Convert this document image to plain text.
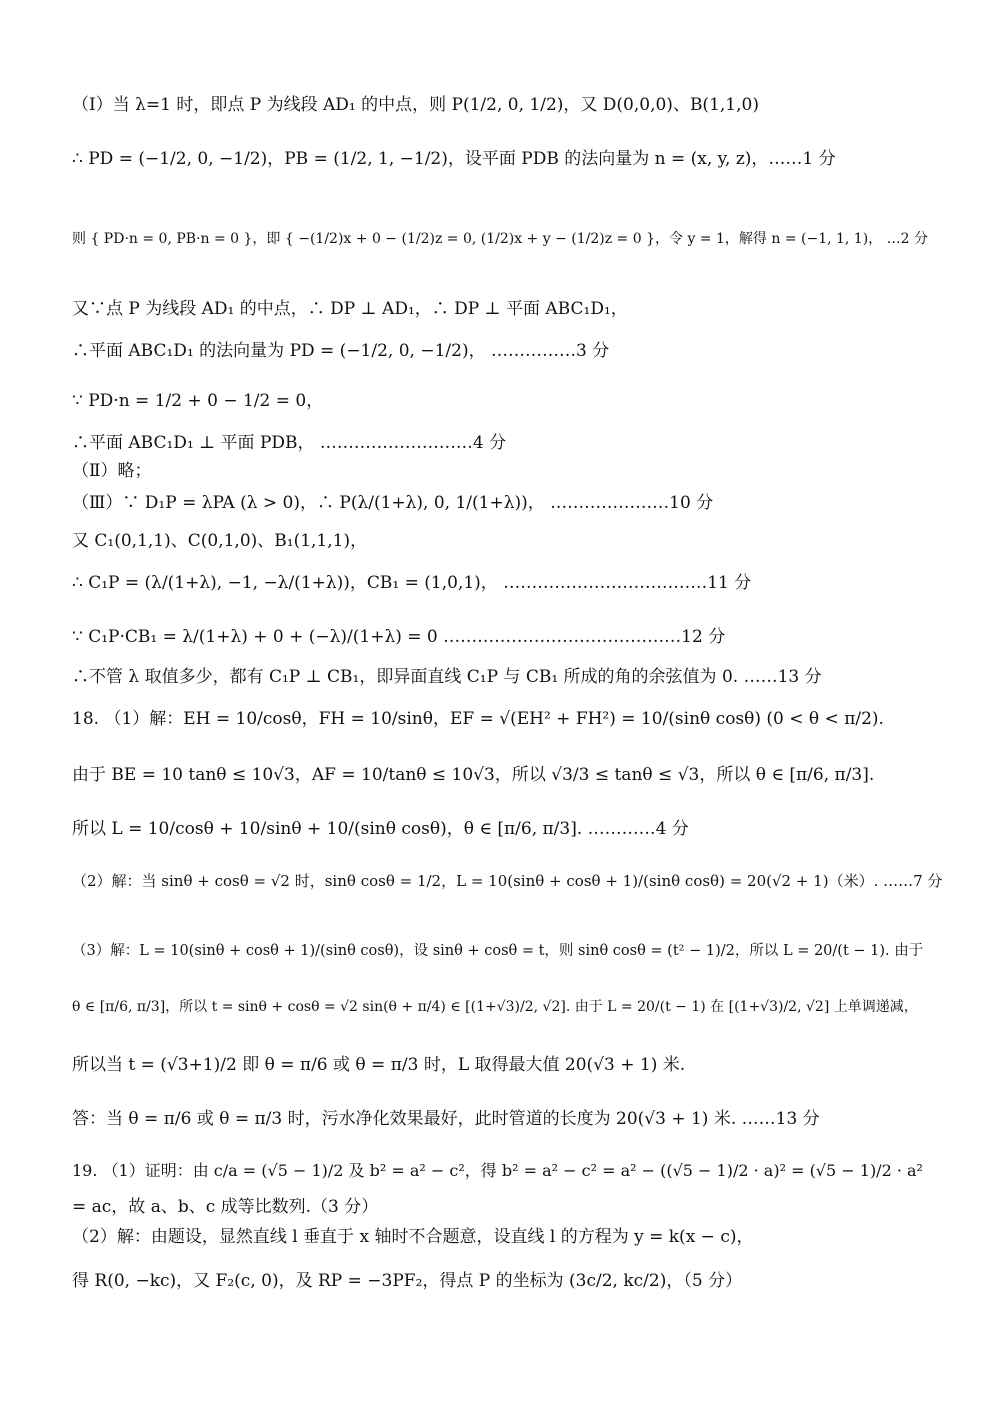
（Ⅰ）当 λ=1 时，即点 P 为线段 AD₁ 的中点，则 P(1/2, 0, 1/2)，又 D(0,0,0)、B(1,1,0)
∴ PD = (−1/2, 0, −1/2)，PB = (1/2, 1, −1/2)，设平面 PDB 的法向量为 n = (x, y, z)，……1 分
则 { PD·n = 0, PB·n = 0 }，即 { −(1/2)x + 0 − (1/2)z = 0, (1/2)x + y − (1/2)z = 0 }，令 y = 1，解得 n = (−1, 1, 1)， …2 分
又∵点 P 为线段 AD₁ 的中点，∴ DP ⊥ AD₁，∴ DP ⊥ 平面 ABC₁D₁，
∴平面 ABC₁D₁ 的法向量为 PD = (−1/2, 0, −1/2)， ……………3 分
∵ PD·n = 1/2 + 0 − 1/2 = 0，
∴平面 ABC₁D₁ ⊥ 平面 PDB， ………………………4 分
（Ⅱ）略；
（Ⅲ）∵ D₁P = λPA (λ > 0)，∴ P(λ/(1+λ), 0, 1/(1+λ))， …………………10 分
又 C₁(0,1,1)、C(0,1,0)、B₁(1,1,1)，
∴ C₁P = (λ/(1+λ), −1, −λ/(1+λ))，CB₁ = (1,0,1)， ………………………………11 分
∵ C₁P·CB₁ = λ/(1+λ) + 0 + (−λ)/(1+λ) = 0 ……………………………………12 分
∴不管 λ 取值多少，都有 C₁P ⊥ CB₁，即异面直线 C₁P 与 CB₁ 所成的角的余弦值为 0. ……13 分
18. （1）解：EH = 10/cosθ，FH = 10/sinθ，EF = √(EH² + FH²) = 10/(sinθ cosθ) (0 < θ < π/2).
由于 BE = 10 tanθ ≤ 10√3，AF = 10/tanθ ≤ 10√3，所以 √3/3 ≤ tanθ ≤ √3，所以 θ ∈ [π/6, π/3].
所以 L = 10/cosθ + 10/sinθ + 10/(sinθ cosθ)，θ ∈ [π/6, π/3]. …………4 分
（2）解：当 sinθ + cosθ = √2 时，sinθ cosθ = 1/2，L = 10(sinθ + cosθ + 1)/(sinθ cosθ) = 20(√2 + 1)（米）. ……7 分
（3）解：L = 10(sinθ + cosθ + 1)/(sinθ cosθ)，设 sinθ + cosθ = t，则 sinθ cosθ = (t² − 1)/2，所以 L = 20/(t − 1). 由于
θ ∈ [π/6, π/3]，所以 t = sinθ + cosθ = √2 sin(θ + π/4) ∈ [(1+√3)/2, √2]. 由于 L = 20/(t − 1) 在 [(1+√3)/2, √2] 上单调递减，
所以当 t = (√3+1)/2 即 θ = π/6 或 θ = π/3 时，L 取得最大值 20(√3 + 1) 米.
答：当 θ = π/6 或 θ = π/3 时，污水净化效果最好，此时管道的长度为 20(√3 + 1) 米. ……13 分
19. （1）证明：由 c/a = (√5 − 1)/2 及 b² = a² − c²，得 b² = a² − c² = a² − ((√5 − 1)/2 · a)² = (√5 − 1)/2 · a²
= ac，故 a、b、c 成等比数列.（3 分）
（2）解：由题设，显然直线 l 垂直于 x 轴时不合题意，设直线 l 的方程为 y = k(x − c)，
得 R(0, −kc)，又 F₂(c, 0)，及 RP = −3PF₂，得点 P 的坐标为 (3c/2, kc/2)，（5 分）
